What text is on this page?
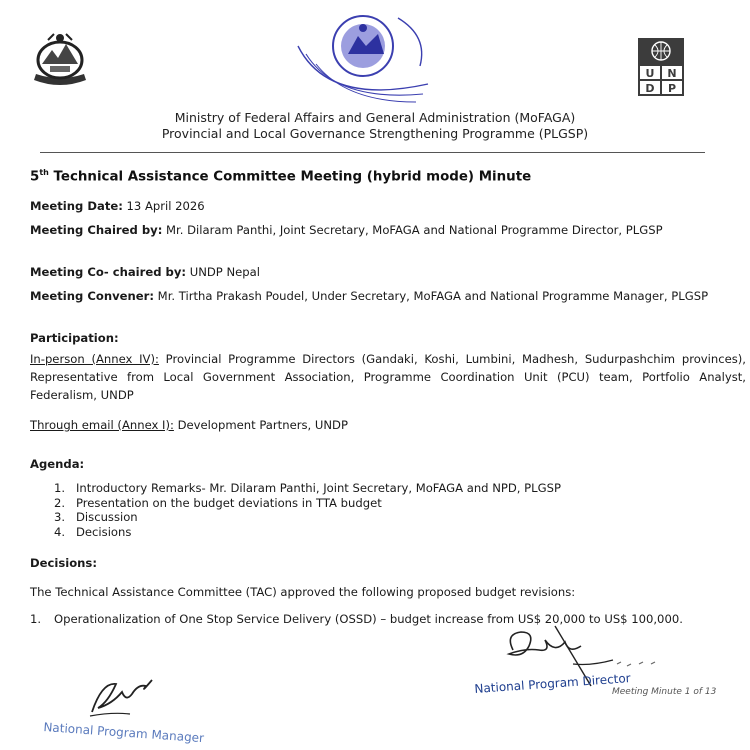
U N
D P
Ministry of Federal Affairs and General Administration (MoFAGA)
Provincial and Local Governance Strengthening Programme (PLGSP)
5th Technical Assistance Committee Meeting (hybrid mode) Minute
Meeting Date: 13 April 2026
Meeting Chaired by: Mr. Dilaram Panthi, Joint Secretary, MoFAGA and National Programme Director, PLGSP
Meeting Co- chaired by: UNDP Nepal
Meeting Convener: Mr. Tirtha Prakash Poudel, Under Secretary, MoFAGA and National Programme Manager, PLGSP
Participation:
In-person (Annex IV): Provincial Programme Directors (Gandaki, Koshi, Lumbini, Madhesh, Sudurpashchim provinces), Representative from Local Government Association, Programme Coordination Unit (PCU) team, Portfolio Analyst, Federalism, UNDP
Through email (Annex I): Development Partners, UNDP
Agenda:
1. Introductory Remarks- Mr. Dilaram Panthi, Joint Secretary, MoFAGA and NPD, PLGSP
2. Presentation on the budget deviations in TTA budget
3. Discussion
4. Decisions
Decisions:
The Technical Assistance Committee (TAC) approved the following proposed budget revisions:
1. Operationalization of One Stop Service Delivery (OSSD) – budget increase from US$ 20,000 to US$ 100,000.
National Program Director
Meeting Minute 1 of 13
National Program Manager
